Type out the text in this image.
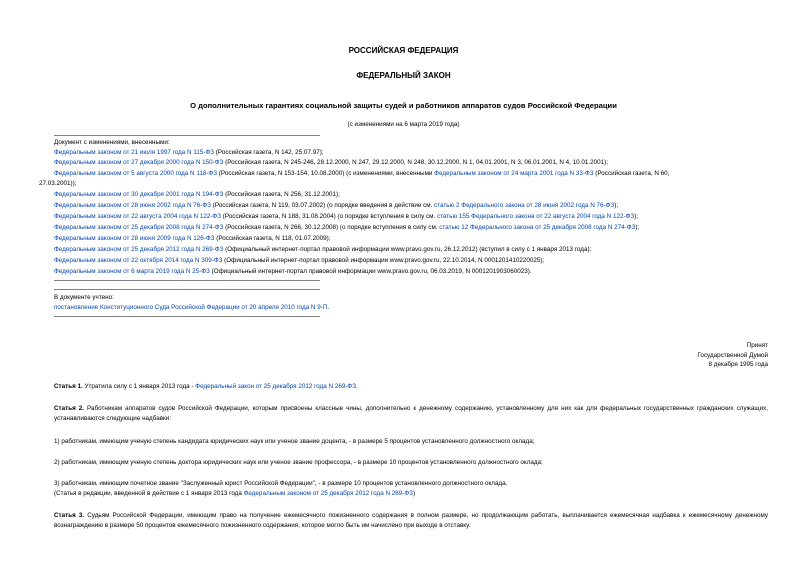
РОССИЙСКАЯ ФЕДЕРАЦИЯ
ФЕДЕРАЛЬНЫЙ ЗАКОН
О дополнительных гарантиях социальной защиты судей и работников аппаратов судов Российской Федерации
(с изменениями на 6 марта 2019 года)
Документ с изменениями, внесенными:
Федеральным законом от 21 июля 1997 года N 115-ФЗ (Российская газета, N 142, 25.07.97);
Федеральным законом от 27 декабря 2000 года N 150-ФЗ (Российская газета, N 245-246, 28.12.2000, N 247, 29.12.2000, N 248, 30.12.2000, N 1, 04.01.2001, N 3, 06.01.2001, N 4, 10.01.2001);
Федеральным законом от 5 августа 2000 года N 118-ФЗ (Российская газета, N 153-154, 10.08.2000) (с изменениями, внесенными Федеральным законом от 24 марта 2001 года N 33-ФЗ (Российская газета, N 60,
27.03.2001));
Федеральным законом от 30 декабря 2001 года N 194-ФЗ (Российская газета, N 256, 31.12.2001);
Федеральным законом от 28 июня 2002 года N 76-ФЗ (Российская газета, N 119, 03.07.2002) (о порядке введения в действие см. статью 2 Федерального закона от 28 июня 2002 года N 76-ФЗ);
Федеральным законом от 22 августа 2004 года N 122-ФЗ (Российская газета, N 188, 31.08.2004) (о порядке вступления в силу см. статью 155 Федерального закона от 22 августа 2004 года N 122-ФЗ);
Федеральным законом от 25 декабря 2008 года N 274-ФЗ (Российская газета, N 266, 30.12.2008) (о порядке вступления в силу см. статью 12 Федерального закона от 25 декабря 2008 года N 274-ФЗ);
Федеральным законом от 28 июня 2009 года N 126-ФЗ (Российская газета, N 118, 01.07.2009);
Федеральным законом от 25 декабря 2012 года N 269-ФЗ (Официальный интернет-портал правовой информации www.pravo.gov.ru, 26.12.2012) (вступил в силу с 1 января 2013 года);
Федеральным законом от 22 октября 2014 года N 309-ФЗ (Официальный интернет-портал правовой информации www.pravo.gov.ru, 22.10.2014, N 0001201410220025);
Федеральным законом от 6 марта 2019 года N 25-ФЗ (Официальный интернет-портал правовой информации www.pravo.gov.ru, 06.03.2019, N 0001201903060023).
В документе учтено:
постановление Конституционного Суда Российской Федерации от 20 апреля 2010 года N 9-П.
Принят
Государственной Думой
8 декабря 1995 года
Статья 1. Утратила силу с 1 января 2013 года - Федеральный закон от 25 декабря 2012 года N 269-ФЗ.
Статья 2. Работникам аппаратов судов Российской Федерации, которым присвоены классные чины, дополнительно к денежному содержанию, установленному для них как для федеральных государственных гражданских служащих, устанавливаются следующие надбавки:
1) работникам, имеющим ученую степень кандидата юридических наук или ученое звание доцента, - в размере 5 процентов установленного должностного оклада;
2) работникам, имеющим ученую степень доктора юридических наук или ученое звание профессора, - в размере 10 процентов установленного должностного оклада;
3) работникам, имеющим почетное звание "Заслуженный юрист Российской Федерации", - в размере 10 процентов установленного должностного оклада.
(Статья в редакции, введенной в действие с 1 января 2013 года Федеральным законом от 25 декабря 2012 года N 269-ФЗ)
Статья 3. Судьям Российской Федерации, имеющим право на получение ежемесячного пожизненного содержания в полном размере, но продолжающим работать, выплачивается ежемесячная надбавка к ежемесячному денежному вознаграждению в размере 50 процентов ежемесячного пожизненного содержания, которое могло быть им начислено при выходе в отставку.
